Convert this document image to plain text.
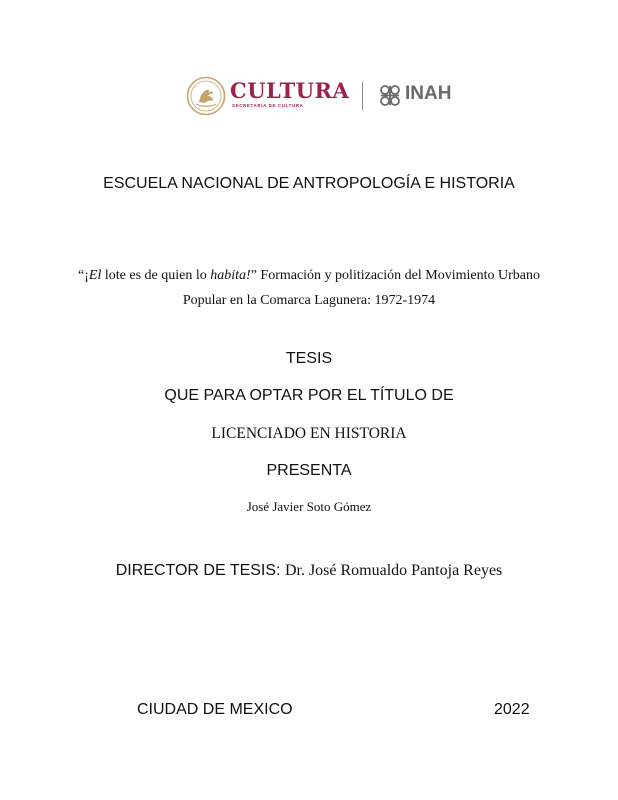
CULTURA
SECRETARÍA DE CULTURA
INAH
ESCUELA NACIONAL DE ANTROPOLOGÍA E HISTORIA
“¡El lote es de quien lo habita!” Formación y politización del Movimiento Urbano
Popular en la Comarca Lagunera: 1972-1974
TESIS
QUE PARA OPTAR POR EL TÍTULO DE
LICENCIADO EN HISTORIA
PRESENTA
José Javier Soto Gómez
DIRECTOR DE TESIS: Dr. José Romualdo Pantoja Reyes
CIUDAD DE MEXICO	2022
